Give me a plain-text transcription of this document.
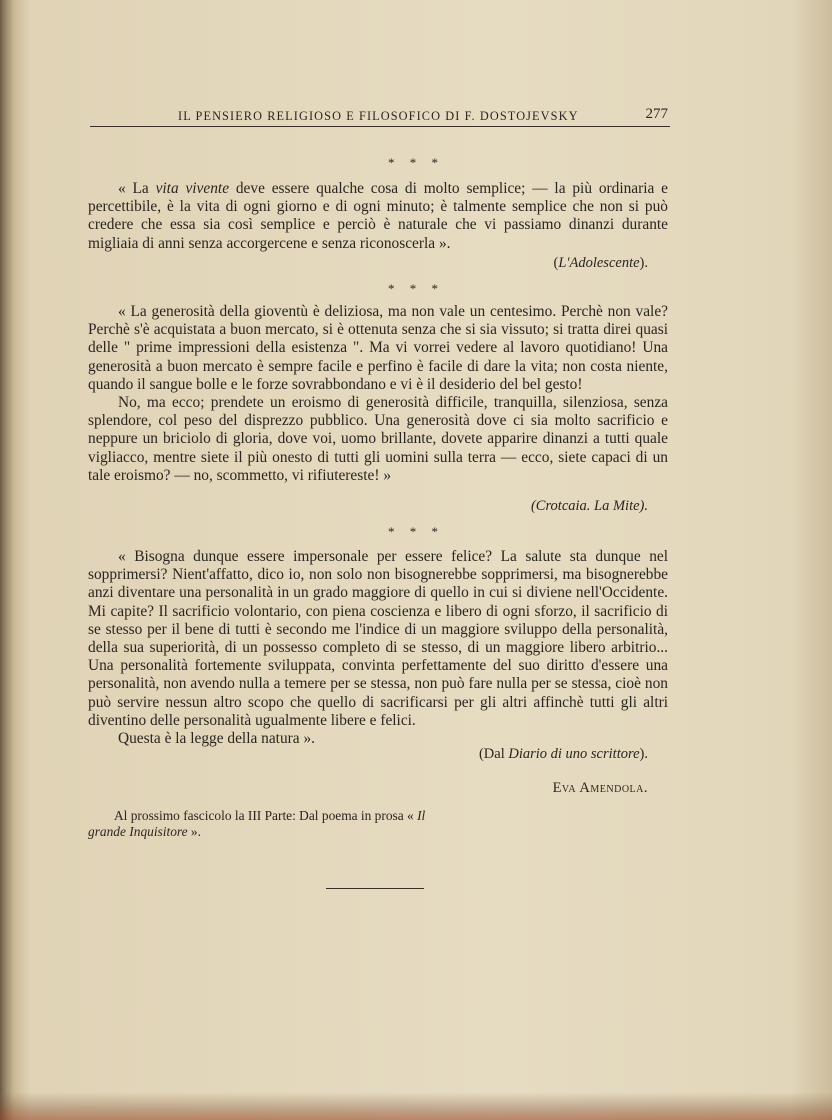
IL PENSIERO RELIGIOSO E FILOSOFICO DI F. DOSTOJEVSKY	277
* * *

« La vita vivente deve essere qualche cosa di molto semplice; — la più ordinaria e percettibile, è la vita di ogni giorno e di ogni minuto; è talmente semplice che non si può credere che essa sia così semplice e perciò è naturale che vi passiamo dinanzi durante migliaia di anni senza accorgercene e senza riconoscerla ».

(L'Adolescente).
* * *

« La generosità della gioventù è deliziosa, ma non vale un centesimo. Perchè non vale? Perchè s'è acquistata a buon mercato, si è ottenuta senza che si sia vissuto; si tratta direi quasi delle " prime impressioni della esistenza ". Ma vi vorrei vedere al lavoro quotidiano! Una generosità a buon mercato è sempre facile e perfino è facile di dare la vita; non costa niente, quando il sangue bolle e le forze sovrabbondano e vi è il desiderio del bel gesto!

No, ma ecco; prendete un eroismo di generosità difficile, tranquilla, silenziosa, senza splendore, col peso del disprezzo pubblico. Una generosità dove ci sia molto sacrificio e neppure un briciolo di gloria, dove voi, uomo brillante, dovete apparire dinanzi a tutti quale vigliacco, mentre siete il più onesto di tutti gli uomini sulla terra — ecco, siete capaci di un tale eroismo? — no, scommetto, vi rifiutereste! »

(Crotcaia. La Mite).
* * *

« Bisogna dunque essere impersonale per essere felice? La salute sta dunque nel sopprimersi? Nient'affatto, dico io, non solo non bisognerebbe sopprimersi, ma bisognerebbe anzi diventare una personalità in un grado maggiore di quello in cui si diviene nell'Occidente. Mi capite? Il sacrificio volontario, con piena coscienza e libero di ogni sforzo, il sacrificio di se stesso per il bene di tutti è secondo me l'indice di un maggiore sviluppo della personalità, della sua superiorità, di un possesso completo di se stesso, di un maggiore libero arbitrio... Una personalità fortemente sviluppata, convinta perfettamente del suo diritto d'essere una personalità, non avendo nulla a temere per se stessa, non può fare nulla per se stessa, cioè non può servire nessun altro scopo che quello di sacrificarsi per gli altri affinchè tutti gli altri diventino delle personalità ugualmente libere e felici.

Questa è la legge della natura ».

(Dal Diario di uno scrittore).
Eva Amendola.

Al prossimo fascicolo la III Parte: Dal poema in prosa « Il grande Inquisitore ».
